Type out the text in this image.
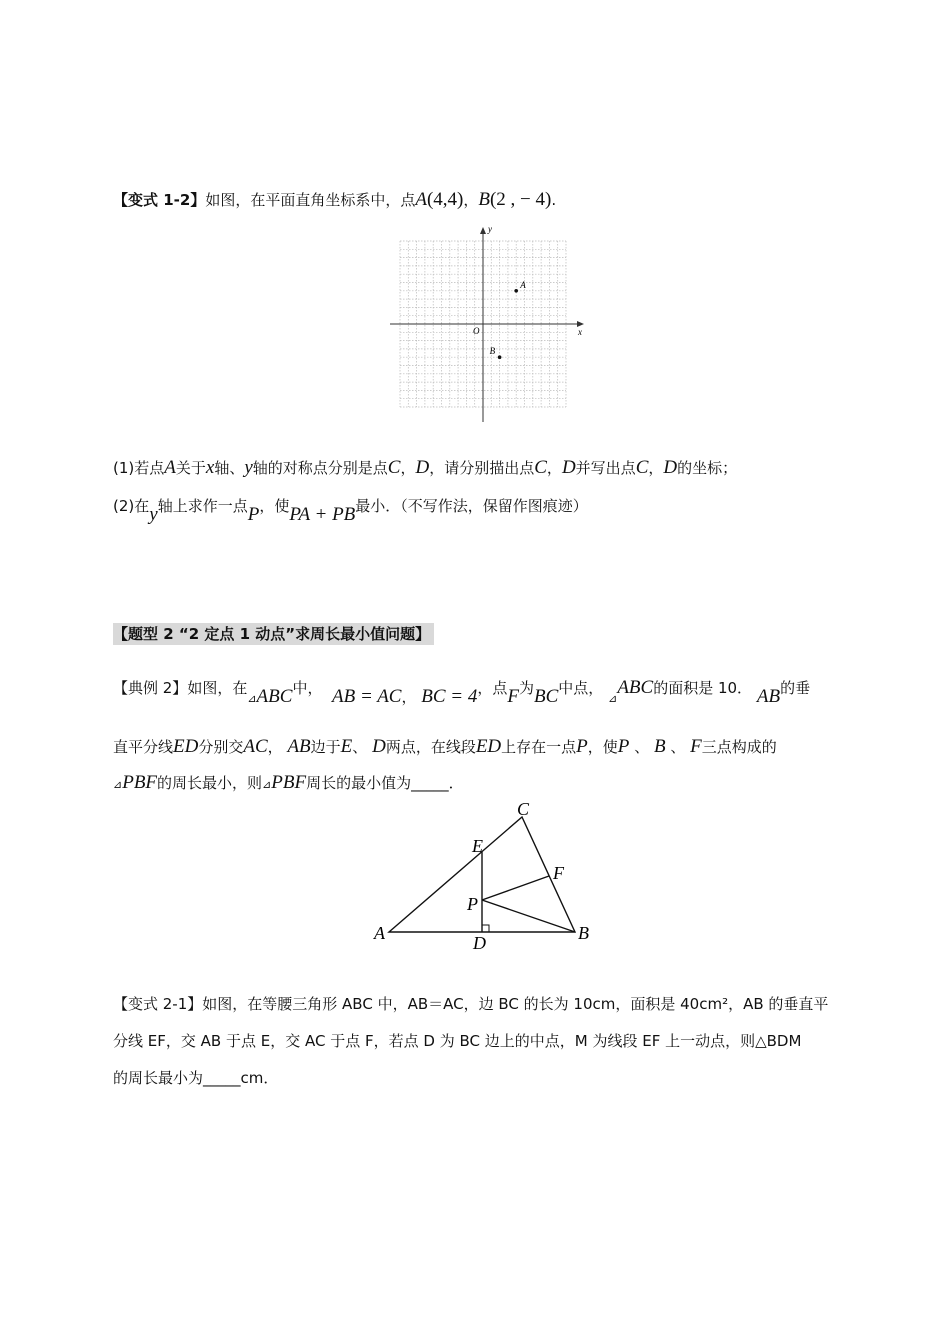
【变式 1-2】如图，在平面直角坐标系中，点A(4,4)，B(2 , − 4).
y
x
O
A
B
(1)若点A关于x轴、y轴的对称点分别是点C，D，请分别描出点C，D并写出点C，D的坐标；
(2)在y轴上求作一点P，使PA + PB最小．（不写作法，保留作图痕迹）
【题型 2 “2 定点 1 动点”求周长最小值问题】
【典例 2】如图，在$_⊿$ABC中， AB = AC， BC = 4，点F为BC中点， $_⊿$ABC的面积是 10． AB的垂
直平分线ED分别交AC， AB边于E、 D两点，在线段ED上存在一点P，使P 、 B 、 F三点构成的
⊿PBF的周长最小，则⊿PBF周长的最小值为_____．
A	B
C
D
E
F
P
【变式 2-1】如图，在等腰三角形 ABC 中，AB＝AC，边 BC 的长为 10cm，面积是 40cm²，AB 的垂直平
分线 EF，交 AB 于点 E，交 AC 于点 F，若点 D 为 BC 边上的中点，M 为线段 EF 上一动点，则△BDM
的周长最小为_____cm．
